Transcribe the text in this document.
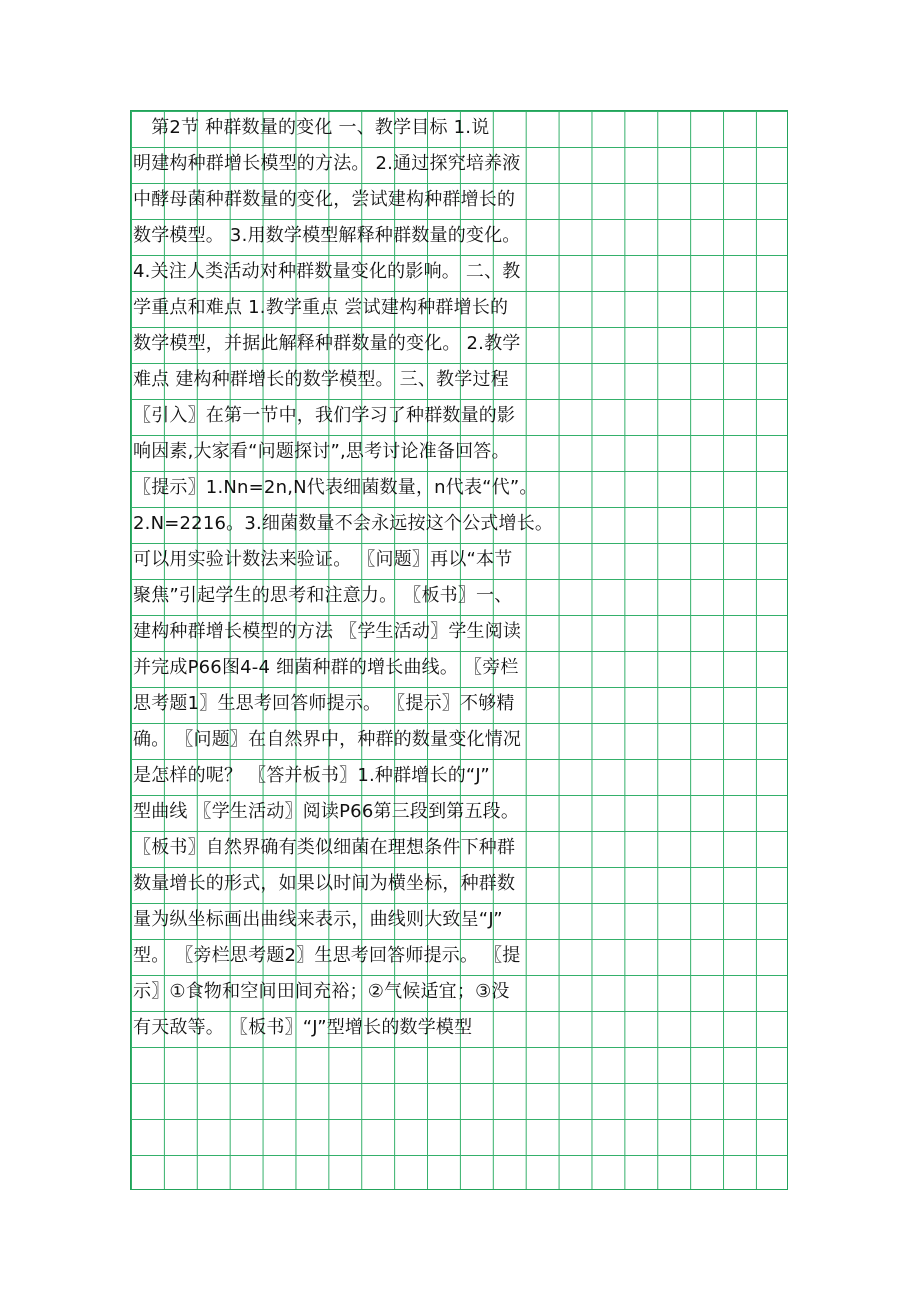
　第2节 种群数量的变化 一、教学目标 1.说
明建构种群增长模型的方法。 2.通过探究培养液
中酵母菌种群数量的变化，尝试建构种群增长的
数学模型。 3.用数学模型解释种群数量的变化。
4.关注人类活动对种群数量变化的影响。 二、教
学重点和难点 1.教学重点 尝试建构种群增长的
数学模型，并据此解释种群数量的变化。 2.教学
难点 建构种群增长的数学模型。 三、教学过程
〖引入〗在第一节中，我们学习了种群数量的影
响因素,大家看“问题探讨”,思考讨论准备回答。
〖提示〗1.Nn=2n,N代表细菌数量，n代表“代”。
2.N=2216。3.细菌数量不会永远按这个公式增长。
可以用实验计数法来验证。 〖问题〗再以“本节
聚焦”引起学生的思考和注意力。 〖板书〗一、
建构种群增长模型的方法 〖学生活动〗学生阅读
并完成P66图4-4 细菌种群的增长曲线。 〖旁栏
思考题1〗生思考回答师提示。 〖提示〗不够精
确。 〖问题〗在自然界中，种群的数量变化情况
是怎样的呢？ 〖答并板书〗1.种群增长的“J”
型曲线 〖学生活动〗阅读P66第三段到第五段。
〖板书〗自然界确有类似细菌在理想条件下种群
数量增长的形式，如果以时间为横坐标，种群数
量为纵坐标画出曲线来表示，曲线则大致呈“J”
型。 〖旁栏思考题2〗生思考回答师提示。 〖提
示〗①食物和空间田间充裕；②气候适宜；③没
有天敌等。 〖板书〗“J”型增长的数学模型
